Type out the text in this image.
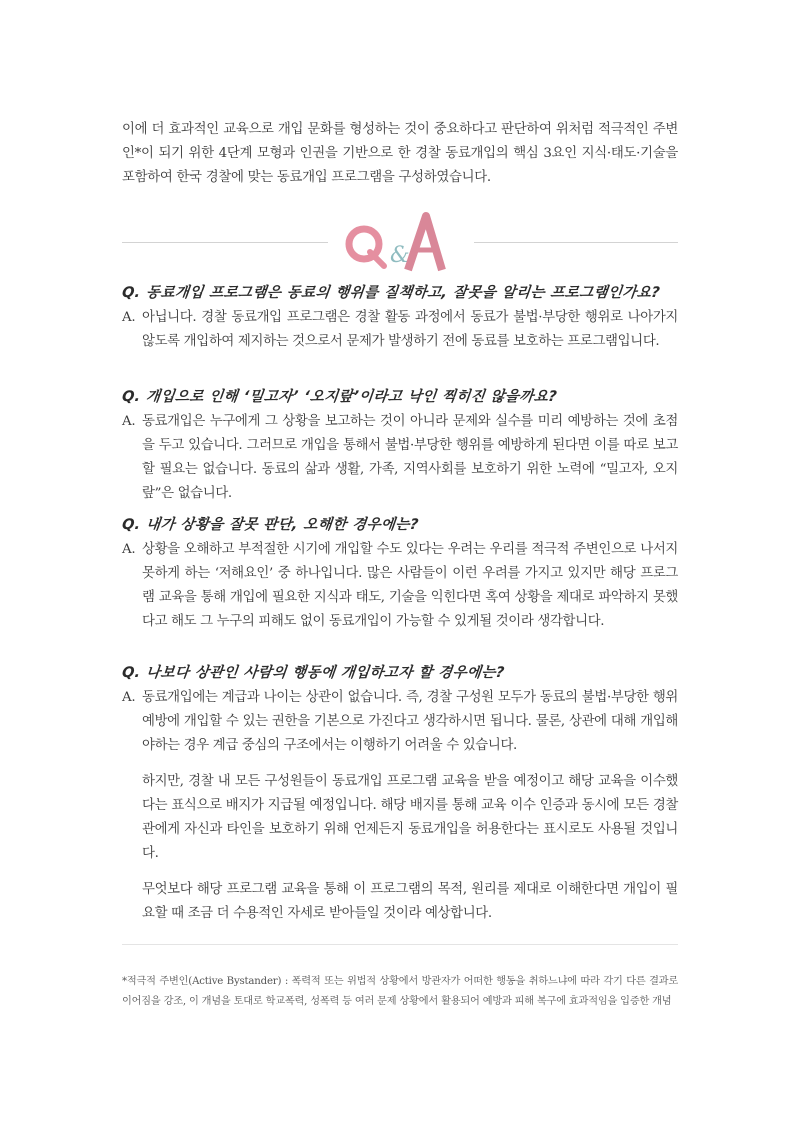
이에 더 효과적인 교육으로 개입 문화를 형성하는 것이 중요하다고 판단하여 위처럼 적극적인 주변인*이 되기 위한 4단계 모형과 인권을 기반으로 한 경찰 동료개입의 핵심 3요인 지식·태도·기술을 포함하여 한국 경찰에 맞는 동료개입 프로그램을 구성하였습니다.

&

Q. 동료개입 프로그램은 동료의 행위를 질책하고, 잘못을 알리는 프로그램인가요?

A. 아닙니다. 경찰 동료개입 프로그램은 경찰 활동 과정에서 동료가 불법·부당한 행위로 나아가지 않도록 개입하여 제지하는 것으로서 문제가 발생하기 전에 동료를 보호하는 프로그램입니다.

Q. 개입으로 인해 ‘밀고자’ ‘오지랖’이라고 낙인 찍히진 않을까요?

A. 동료개입은 누구에게 그 상황을 보고하는 것이 아니라 문제와 실수를 미리 예방하는 것에 초점을 두고 있습니다. 그러므로 개입을 통해서 불법·부당한 행위를 예방하게 된다면 이를 따로 보고할 필요는 없습니다. 동료의 삶과 생활, 가족, 지역사회를 보호하기 위한 노력에 “밀고자, 오지랖”은 없습니다.

Q. 내가 상황을 잘못 판단, 오해한 경우에는?

A. 상황을 오해하고 부적절한 시기에 개입할 수도 있다는 우려는 우리를 적극적 주변인으로 나서지 못하게 하는 ‘저해요인’ 중 하나입니다. 많은 사람들이 이런 우려를 가지고 있지만 해당 프로그램 교육을 통해 개입에 필요한 지식과 태도, 기술을 익힌다면 혹여 상황을 제대로 파악하지 못했다고 해도 그 누구의 피해도 없이 동료개입이 가능할 수 있게될 것이라 생각합니다.

Q. 나보다 상관인 사람의 행동에 개입하고자 할 경우에는?

A. 동료개입에는 계급과 나이는 상관이 없습니다. 즉, 경찰 구성원 모두가 동료의 불법·부당한 행위 예방에 개입할 수 있는 권한을 기본으로 가진다고 생각하시면 됩니다. 물론, 상관에 대해 개입해야하는 경우 계급 중심의 구조에서는 이행하기 어려울 수 있습니다.

하지만, 경찰 내 모든 구성원들이 동료개입 프로그램 교육을 받을 예정이고 해당 교육을 이수했다는 표식으로 배지가 지급될 예정입니다. 해당 배지를 통해 교육 이수 인증과 동시에 모든 경찰관에게 자신과 타인을 보호하기 위해 언제든지 동료개입을 허용한다는 표시로도 사용될 것입니다.

무엇보다 해당 프로그램 교육을 통해 이 프로그램의 목적, 원리를 제대로 이해한다면 개입이 필요할 때 조금 더 수용적인 자세로 받아들일 것이라 예상합니다.

*적극적 주변인(Active Bystander) : 폭력적 또는 위법적 상황에서 방관자가 어떠한 행동을 취하느냐에 따라 각기 다른 결과로 이어짐을 강조, 이 개념을 토대로 학교폭력, 성폭력 등 여러 문제 상황에서 활용되어 예방과 피해 복구에 효과적임을 입증한 개념
